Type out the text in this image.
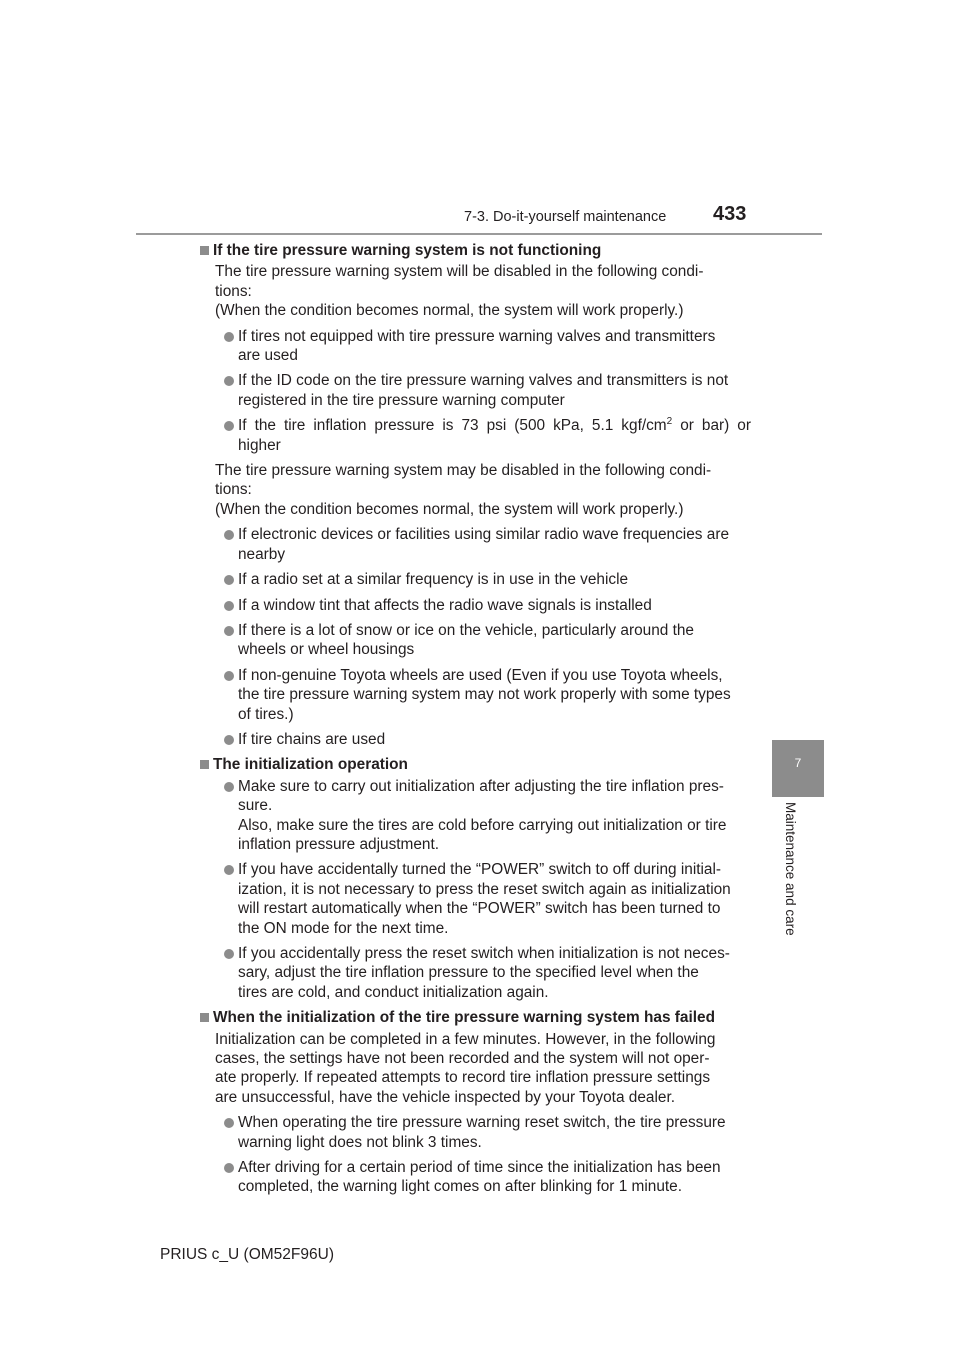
7-3. Do-it-yourself maintenance 433
7
Maintenance and care
If the tire pressure warning system is not functioning
The tire pressure warning system will be disabled in the following condi-
tions:
(When the condition becomes normal, the system will work properly.)
If tires not equipped with tire pressure warning valves and transmitters
are used
If the ID code on the tire pressure warning valves and transmitters is not
registered in the tire pressure warning computer
If the tire inflation pressure is 73 psi (500 kPa, 5.1 kgf/$cm^2$ or bar) or
higher
The tire pressure warning system may be disabled in the following condi-
tions:
(When the condition becomes normal, the system will work properly.)
If electronic devices or facilities using similar radio wave frequencies are
nearby
If a radio set at a similar frequency is in use in the vehicle
If a window tint that affects the radio wave signals is installed
If there is a lot of snow or ice on the vehicle, particularly around the
wheels or wheel housings
If non-genuine Toyota wheels are used (Even if you use Toyota wheels,
the tire pressure warning system may not work properly with some types
of tires.)
If tire chains are used
The initialization operation
Make sure to carry out initialization after adjusting the tire inflation pres-
sure.
Also, make sure the tires are cold before carrying out initialization or tire
inflation pressure adjustment.
If you have accidentally turned the “POWER” switch to off during initial-
ization, it is not necessary to press the reset switch again as initialization
will restart automatically when the “POWER” switch has been turned to
the ON mode for the next time.
If you accidentally press the reset switch when initialization is not neces-
sary, adjust the tire inflation pressure to the specified level when the
tires are cold, and conduct initialization again.
When the initialization of the tire pressure warning system has failed
Initialization can be completed in a few minutes. However, in the following
cases, the settings have not been recorded and the system will not oper-
ate properly. If repeated attempts to record tire inflation pressure settings
are unsuccessful, have the vehicle inspected by your Toyota dealer.
When operating the tire pressure warning reset switch, the tire pressure
warning light does not blink 3 times.
After driving for a certain period of time since the initialization has been
completed, the warning light comes on after blinking for 1 minute.
PRIUS c_U (OM52F96U)
